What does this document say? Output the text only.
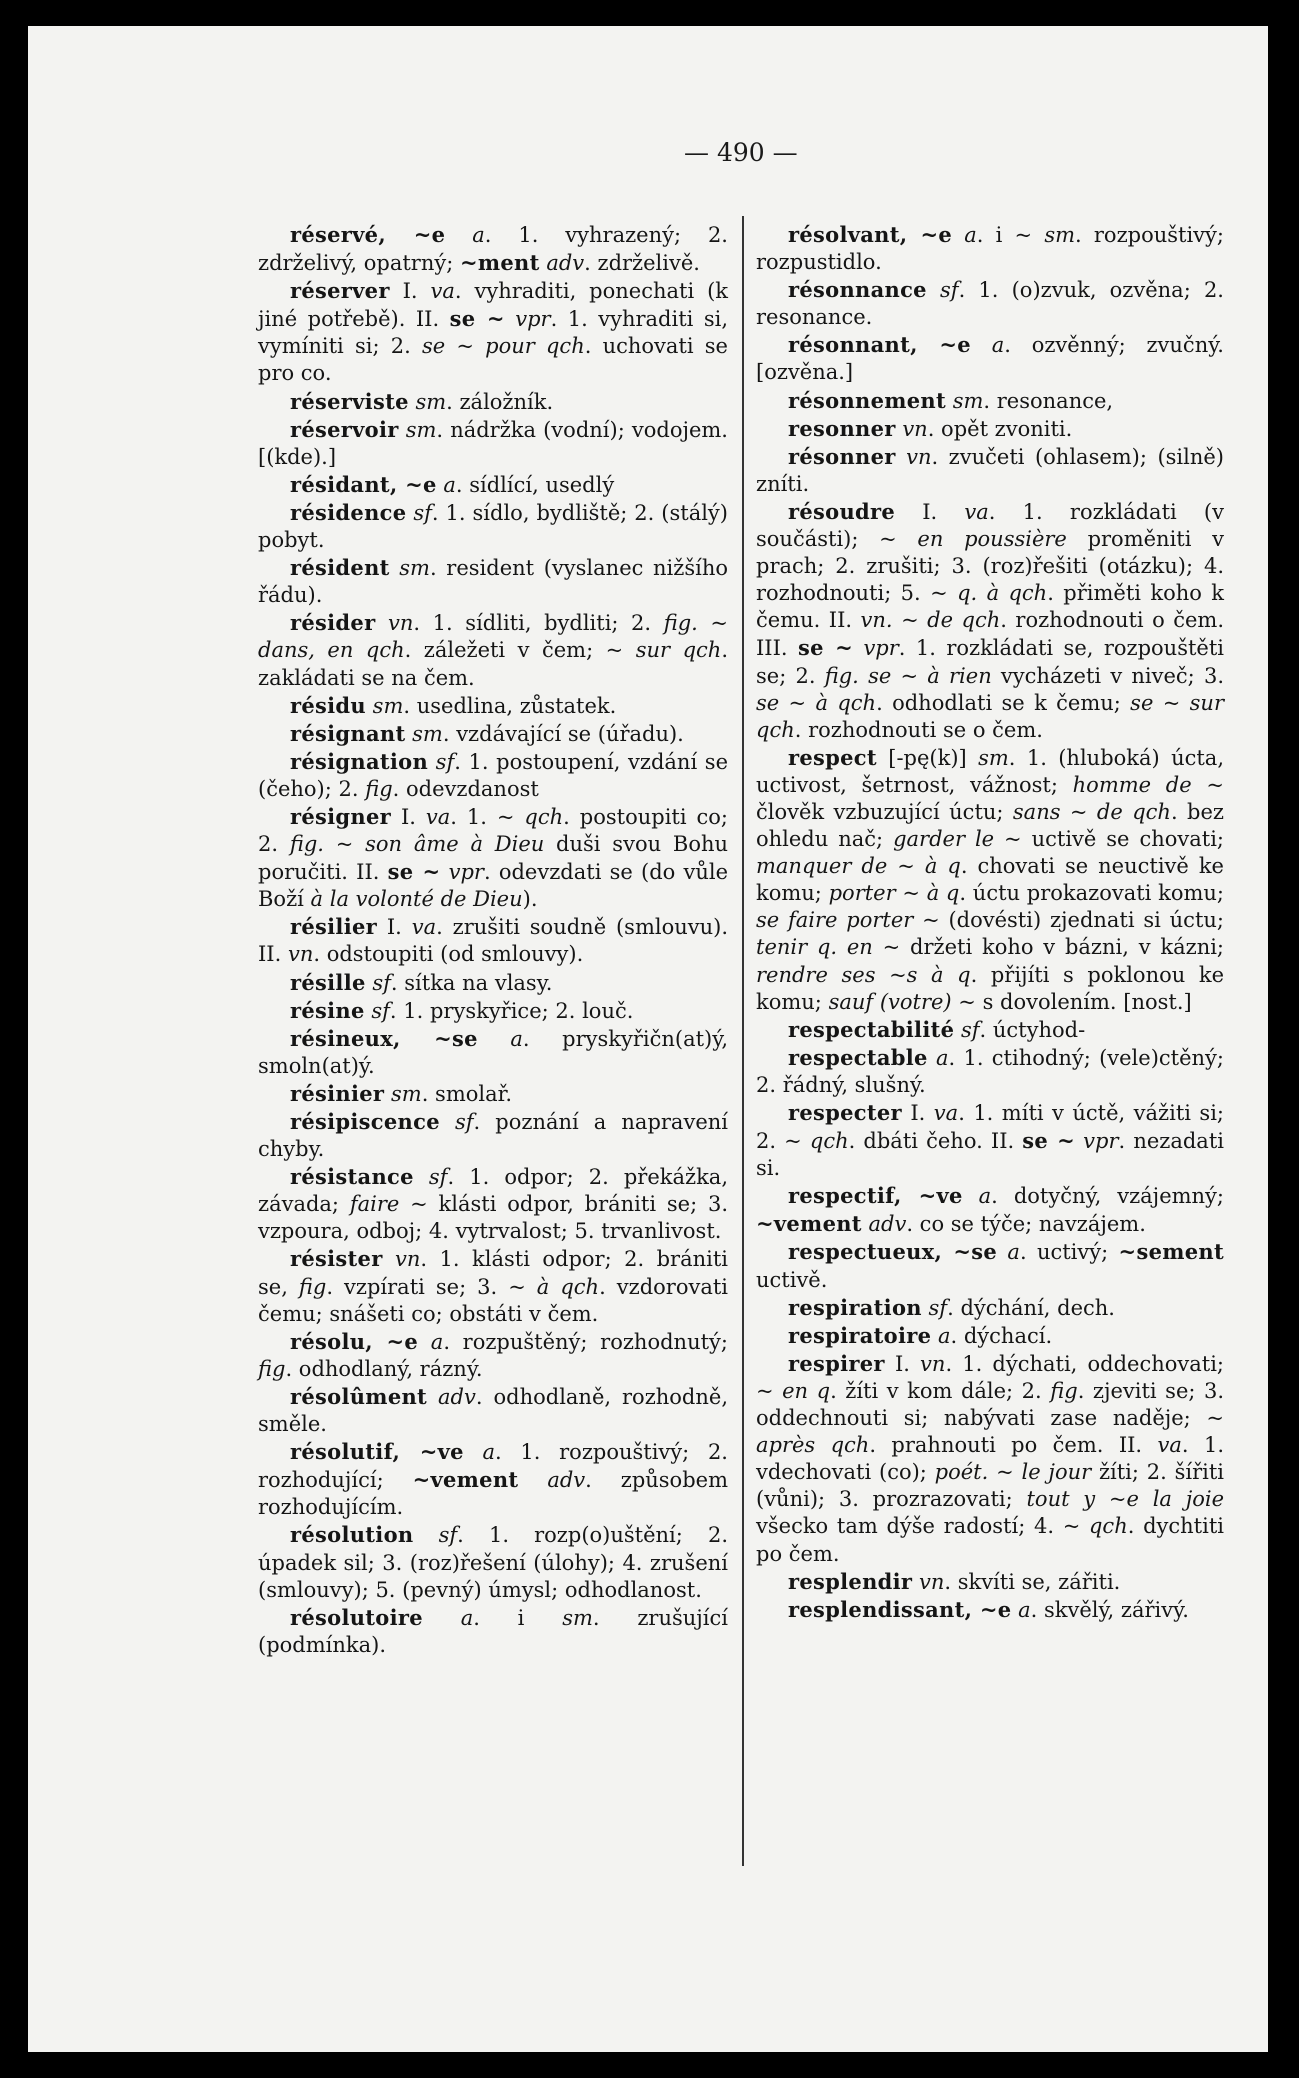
— 490 —

réservé, ~e a. 1. vyhrazený; 2. zdrželivý, opatrný; ~ment adv. zdrželivě.

réserver I. va. vyhraditi, ponechati (k jiné potřebě). II. se ~ vpr. 1. vyhraditi si, vymíniti si; 2. se ~ pour qch. uchovati se pro co.

réserviste sm. záložník.

réservoir sm. nádržka (vodní); vodojem. [(kde).]

résidant, ~e a. sídlící, usedlý

résidence sf. 1. sídlo, bydliště; 2. (stálý) pobyt.

résident sm. resident (vyslanec nižšího řádu).

résider vn. 1. sídliti, bydliti; 2. fig. ~ dans, en qch. záležeti v čem; ~ sur qch. zakládati se na čem.

résidu sm. usedlina, zůstatek.

résignant sm. vzdávající se (úřadu).

résignation sf. 1. postoupení, vzdání se (čeho); 2. fig. odevzdanost

résigner I. va. 1. ~ qch. postoupiti co; 2. fig. ~ son âme à Dieu duši svou Bohu poručiti. II. se ~ vpr. odevzdati se (do vůle Boží à la volonté de Dieu).

résilier I. va. zrušiti soudně (smlouvu). II. vn. odstoupiti (od smlouvy).

résille sf. sítka na vlasy.

résine sf. 1. pryskyřice; 2. louč.

résineux, ~se a. pryskyřičn(at)ý, smoln(at)ý.

résinier sm. smolař.

résipiscence sf. poznání a napravení chyby.

résistance sf. 1. odpor; 2. překážka, závada; faire ~ klásti odpor, brániti se; 3. vzpoura, odboj; 4. vytrvalost; 5. trvanlivost.

résister vn. 1. klásti odpor; 2. brániti se, fig. vzpírati se; 3. ~ à qch. vzdorovati čemu; snášeti co; obstáti v čem.

résolu, ~e a. rozpuštěný; rozhodnutý; fig. odhodlaný, rázný.

résolûment adv. odhodlaně, rozhodně, směle.

résolutif, ~ve a. 1. rozpouštivý; 2. rozhodující; ~vement adv. způsobem rozhodujícím.

résolution sf. 1. rozp(o)uštění; 2. úpadek sil; 3. (roz)řešení (úlohy); 4. zrušení (smlouvy); 5. (pevný) úmysl; odhodlanost.

résolutoire a. i sm. zrušující (podmínka).

résolvant, ~e a. i ~ sm. rozpouštivý; rozpustidlo.

résonnance sf. 1. (o)zvuk, ozvěna; 2. resonance.

résonnant, ~e a. ozvěnný; zvučný. [ozvěna.]

résonnement sm. resonance,

resonner vn. opět zvoniti.

résonner vn. zvučeti (ohlasem); (silně) zníti.

résoudre I. va. 1. rozkládati (v součásti); ~ en poussière proměniti v prach; 2. zrušiti; 3. (roz)řešiti (otázku); 4. rozhodnouti; 5. ~ q. à qch. přiměti koho k čemu. II. vn. ~ de qch. rozhodnouti o čem. III. se ~ vpr. 1. rozkládati se, rozpouštěti se; 2. fig. se ~ à rien vycházeti v niveč; 3. se ~ à qch. odhodlati se k čemu; se ~ sur qch. rozhodnouti se o čem.

respect [-pę(k)] sm. 1. (hluboká) úcta, uctivost, šetrnost, vážnost; homme de ~ člověk vzbuzující úctu; sans ~ de qch. bez ohledu nač; garder le ~ uctivě se chovati; manquer de ~ à q. chovati se neuctivě ke komu; porter ~ à q. úctu prokazovati komu; se faire porter ~ (dovésti) zjednati si úctu; tenir q. en ~ držeti koho v bázni, v kázni; rendre ses ~s à q. přijíti s poklonou ke komu; sauf (votre) ~ s dovolením. [nost.]

respectabilité sf. úctyhod-

respectable a. 1. ctihodný; (vele)ctěný; 2. řádný, slušný.

respecter I. va. 1. míti v úctě, vážiti si; 2. ~ qch. dbáti čeho. II. se ~ vpr. nezadati si.

respectif, ~ve a. dotyčný, vzájemný; ~vement adv. co se týče; navzájem.

respectueux, ~se a. uctivý; ~sement uctivě.

respiration sf. dýchání, dech.

respiratoire a. dýchací.

respirer I. vn. 1. dýchati, oddechovati; ~ en q. žíti v kom dále; 2. fig. zjeviti se; 3. oddechnouti si; nabývati zase naděje; ~ après qch. prahnouti po čem. II. va. 1. vdechovati (co); poét. ~ le jour žíti; 2. šířiti (vůni); 3. prozrazovati; tout y ~e la joie všecko tam dýše radostí; 4. ~ qch. dychtiti po čem.

resplendir vn. skvíti se, zářiti.

resplendissant, ~e a. skvělý, zářivý.
